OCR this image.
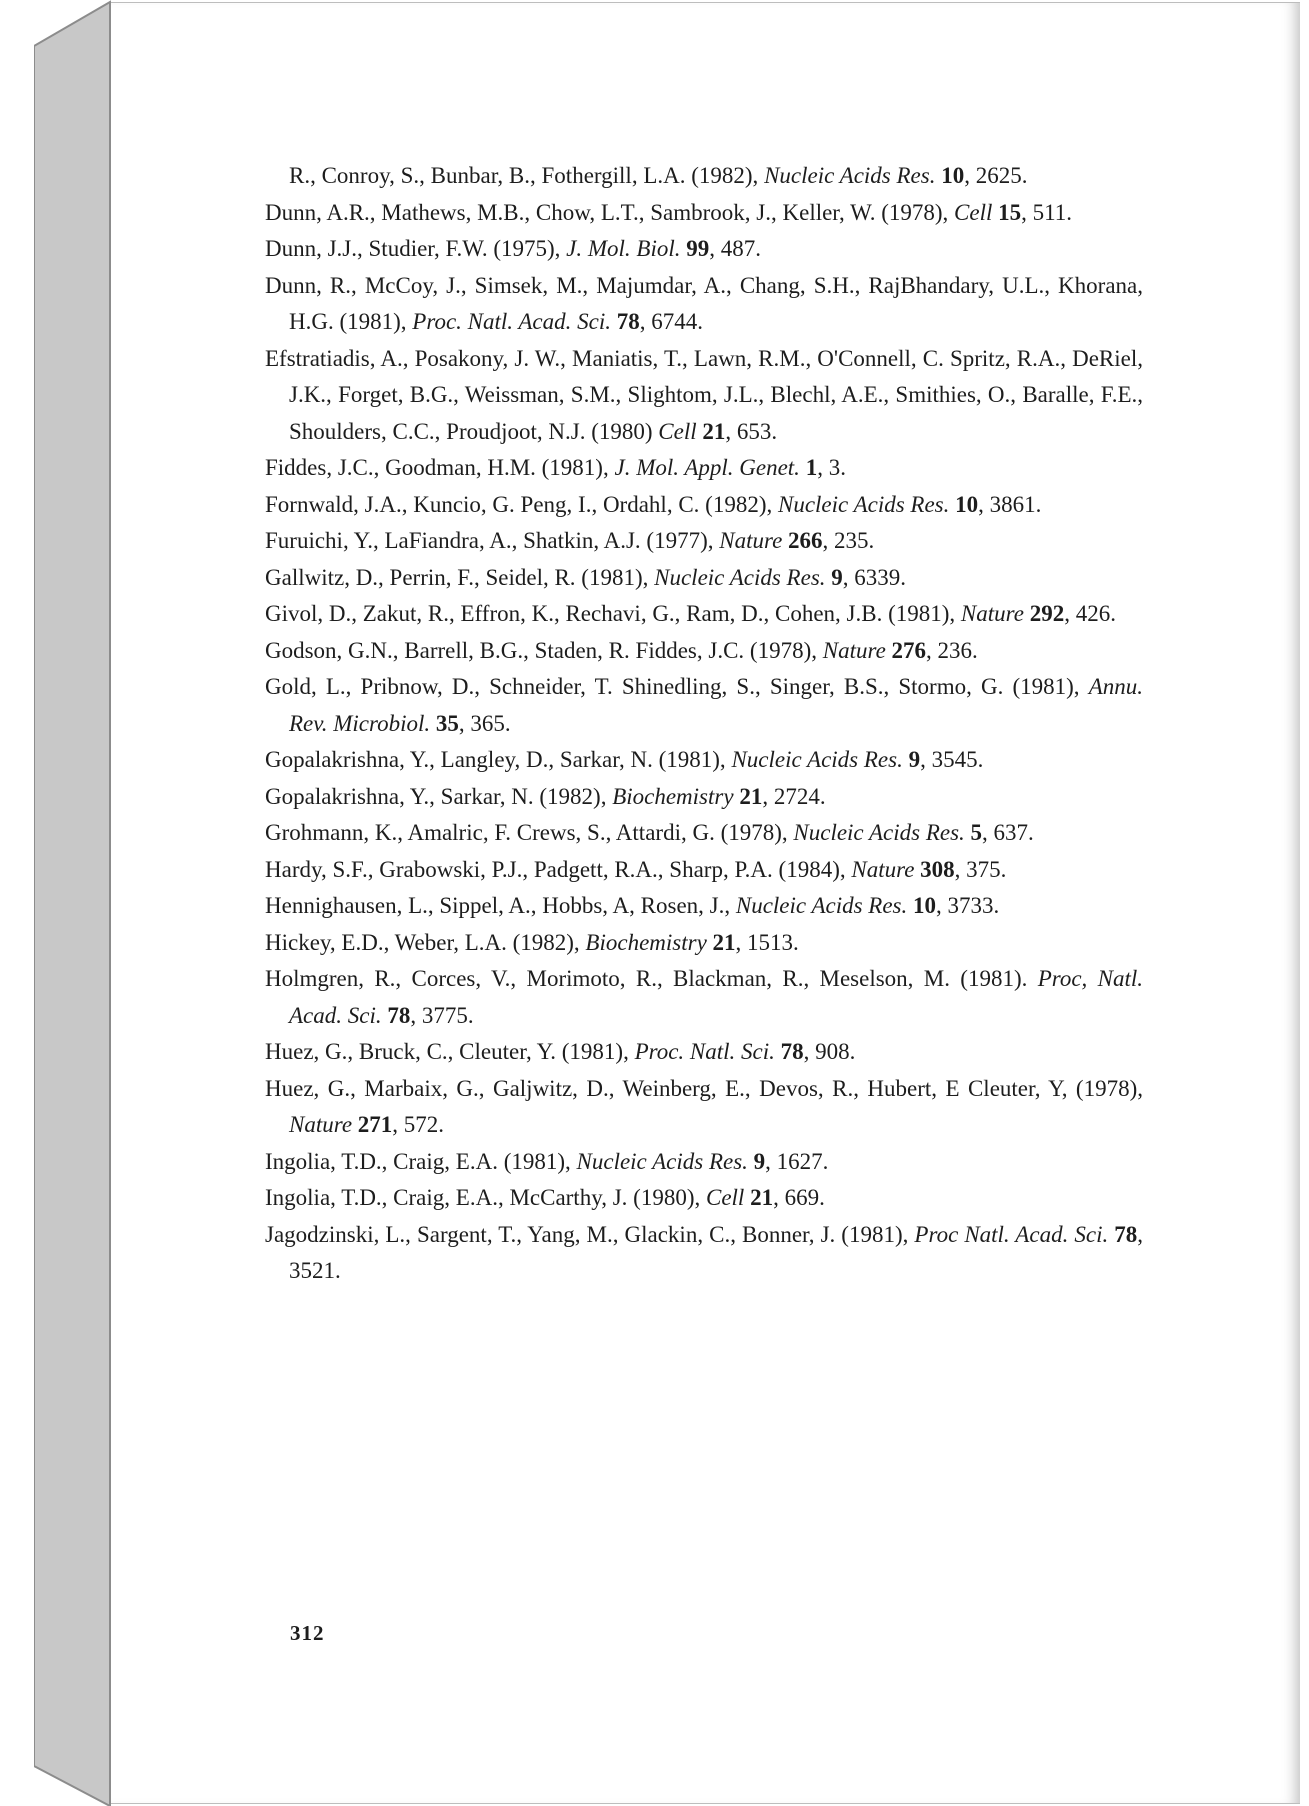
R., Conroy, S., Bunbar, B., Fothergill, L.A. (1982), Nucleic Acids Res. 10, 2625.

Dunn, A.R., Mathews, M.B., Chow, L.T., Sambrook, J., Keller, W. (1978), Cell 15, 511.

Dunn, J.J., Studier, F.W. (1975), J. Mol. Biol. 99, 487.

Dunn, R., McCoy, J., Simsek, M., Majumdar, A., Chang, S.H., RajBhandary, U.L., Khorana, H.G. (1981), Proc. Natl. Acad. Sci. 78, 6744.

Efstratiadis, A., Posakony, J. W., Maniatis, T., Lawn, R.M., O'Connell, C. Spritz, R.A., DeRiel, J.K., Forget, B.G., Weissman, S.M., Slightom, J.L., Blechl, A.E., Smithies, O., Baralle, F.E., Shoulders, C.C., Proudjoot, N.J. (1980) Cell 21, 653.

Fiddes, J.C., Goodman, H.M. (1981), J. Mol. Appl. Genet. 1, 3.

Fornwald, J.A., Kuncio, G. Peng, I., Ordahl, C. (1982), Nucleic Acids Res. 10, 3861.

Furuichi, Y., LaFiandra, A., Shatkin, A.J. (1977), Nature 266, 235.

Gallwitz, D., Perrin, F., Seidel, R. (1981), Nucleic Acids Res. 9, 6339.

Givol, D., Zakut, R., Effron, K., Rechavi, G., Ram, D., Cohen, J.B. (1981), Nature 292, 426.

Godson, G.N., Barrell, B.G., Staden, R. Fiddes, J.C. (1978), Nature 276, 236.

Gold, L., Pribnow, D., Schneider, T. Shinedling, S., Singer, B.S., Stormo, G. (1981), Annu. Rev. Microbiol. 35, 365.

Gopalakrishna, Y., Langley, D., Sarkar, N. (1981), Nucleic Acids Res. 9, 3545.

Gopalakrishna, Y., Sarkar, N. (1982), Biochemistry 21, 2724.

Grohmann, K., Amalric, F. Crews, S., Attardi, G. (1978), Nucleic Acids Res. 5, 637.

Hardy, S.F., Grabowski, P.J., Padgett, R.A., Sharp, P.A. (1984), Nature 308, 375.

Hennighausen, L., Sippel, A., Hobbs, A, Rosen, J., Nucleic Acids Res. 10, 3733.

Hickey, E.D., Weber, L.A. (1982), Biochemistry 21, 1513.

Holmgren, R., Corces, V., Morimoto, R., Blackman, R., Meselson, M. (1981). Proc, Natl. Acad. Sci. 78, 3775.

Huez, G., Bruck, C., Cleuter, Y. (1981), Proc. Natl. Sci. 78, 908.

Huez, G., Marbaix, G., Galjwitz, D., Weinberg, E., Devos, R., Hubert, E Cleuter, Y, (1978), Nature 271, 572.

Ingolia, T.D., Craig, E.A. (1981), Nucleic Acids Res. 9, 1627.

Ingolia, T.D., Craig, E.A., McCarthy, J. (1980), Cell 21, 669.

Jagodzinski, L., Sargent, T., Yang, M., Glackin, C., Bonner, J. (1981), Proc Natl. Acad. Sci. 78, 3521.

312
